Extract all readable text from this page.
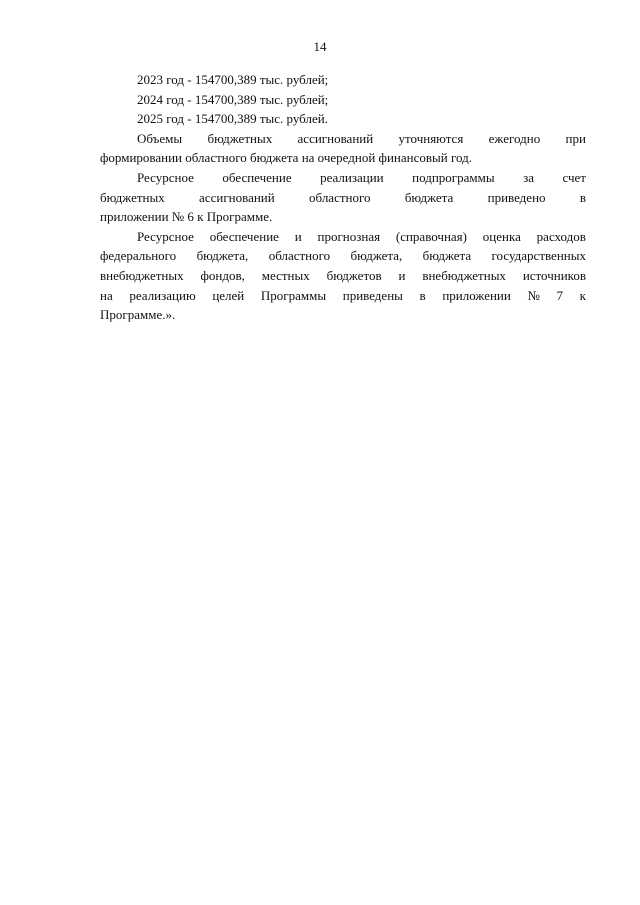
14
2023 год - 154700,389 тыс. рублей;
2024 год - 154700,389 тыс. рублей;
2025 год - 154700,389 тыс. рублей.
Объемы бюджетных ассигнований уточняются ежегодно при
формировании областного бюджета на очередной финансовый год.
Ресурсное обеспечение реализации подпрограммы за счет
бюджетных	ассигнований	областного	бюджета	приведено	в
приложении № 6 к Программе.
Ресурсное обеспечение и прогнозная (справочная) оценка расходов
федерального бюджета, областного бюджета, бюджета государственных
внебюджетных фондов, местных бюджетов и внебюджетных источников
на реализацию целей Программы приведены в приложении № 7 к
Программе.».
